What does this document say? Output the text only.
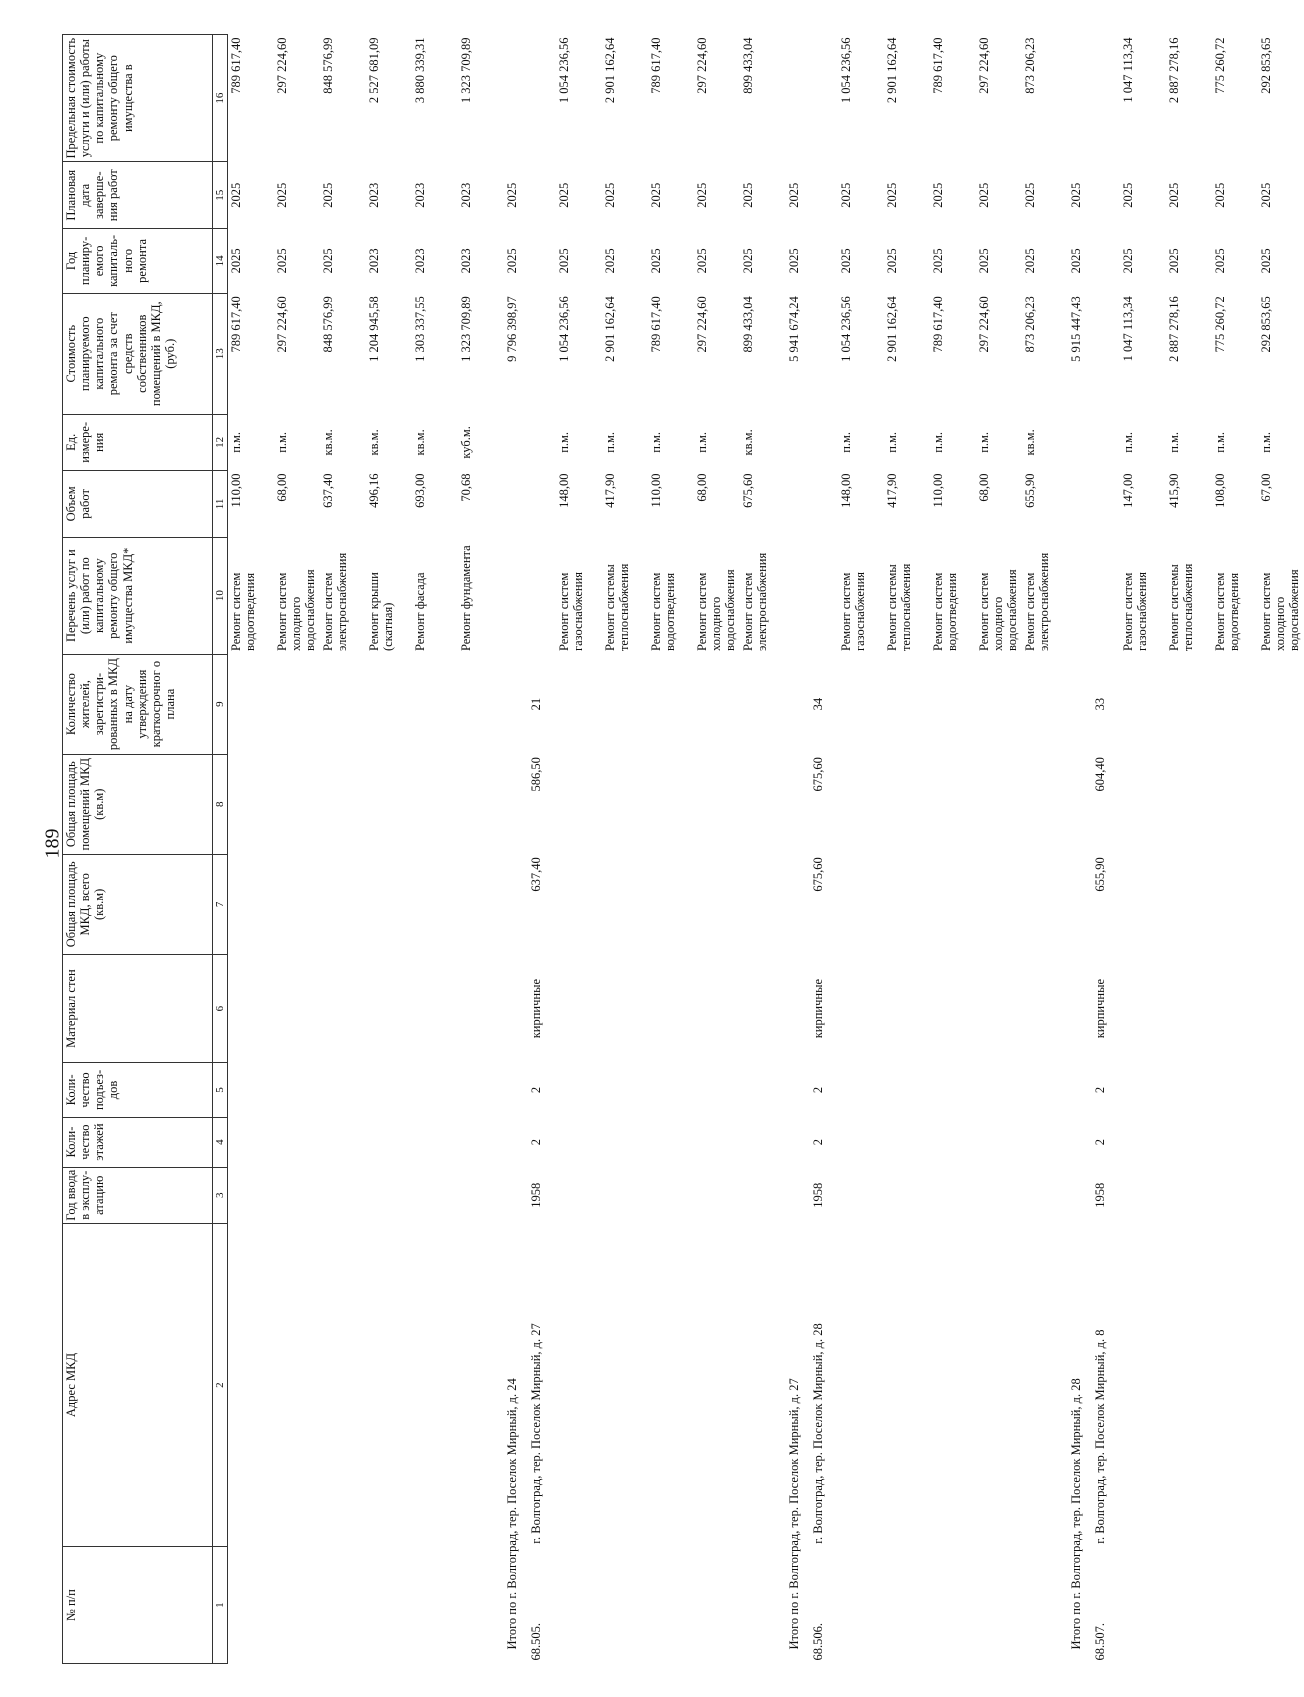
189
№ п/п	Адрес МКД	Год ввода в эксплу-атацию	Коли-чество этажей	Коли-чество подъез-дов	Материал стен	Общая площадь МКД, всего (кв.м)	Общая площадь помещений МКД (кв.м)	Количество жителей, зарегистри-рованных в МКД на дату утверждения краткосрочног о плана	Перечень услуг и (или) работ по капитальному ремонту общего имущества МКД*	Объем работ	Ед. измере-ния	Стоимость планируемого капитального ремонта за счет средств собственников помещений в МКД, (руб.)	Год планиру-емого капиталь-ного ремонта	Плановая дата заверше-ния работ	Предельная стоимость услуги и (или) работы по капитальному ремонту общего имущества в
1	2	3	4	5	6	7	8	9	10	11	12	13	14	15	16
									Ремонт систем водоотведения	110,00	п.м.	789 617,40	2025	2025	789 617,40
									Ремонт систем холодного водоснабжения	68,00	п.м.	297 224,60	2025	2025	297 224,60
									Ремонт систем электроснабжения	637,40	кв.м.	848 576,99	2025	2025	848 576,99
									Ремонт крыши (скатная)	496,16	кв.м.	1 204 945,58	2023	2023	2 527 681,09
									Ремонт фасада	693,00	кв.м.	1 303 337,55	2023	2023	3 880 339,31
									Ремонт фундамента	70,68	куб.м.	1 323 709,89	2023	2023	1 323 709,89
Итого по г. Волгоград, тер. Поселок Мирный, д. 24												9 796 398,97	2025	2025	
68.505.	г. Волгоград, тер. Поселок Мирный, д. 27	1958	2	2	кирпичные	637,40	586,50	21							
									Ремонт систем газоснабжения	148,00	п.м.	1 054 236,56	2025	2025	1 054 236,56
									Ремонт системы теплоснабжения	417,90	п.м.	2 901 162,64	2025	2025	2 901 162,64
									Ремонт систем водоотведения	110,00	п.м.	789 617,40	2025	2025	789 617,40
									Ремонт систем холодного водоснабжения	68,00	п.м.	297 224,60	2025	2025	297 224,60
									Ремонт систем электроснабжения	675,60	кв.м.	899 433,04	2025	2025	899 433,04
Итого по г. Волгоград, тер. Поселок Мирный, д. 27												5 941 674,24	2025	2025	
68.506.	г. Волгоград, тер. Поселок Мирный, д. 28	1958	2	2	кирпичные	675,60	675,60	34							
									Ремонт систем газоснабжения	148,00	п.м.	1 054 236,56	2025	2025	1 054 236,56
									Ремонт системы теплоснабжения	417,90	п.м.	2 901 162,64	2025	2025	2 901 162,64
									Ремонт систем водоотведения	110,00	п.м.	789 617,40	2025	2025	789 617,40
									Ремонт систем холодного водоснабжения	68,00	п.м.	297 224,60	2025	2025	297 224,60
									Ремонт систем электроснабжения	655,90	кв.м.	873 206,23	2025	2025	873 206,23
Итого по г. Волгоград, тер. Поселок Мирный, д. 28												5 915 447,43	2025	2025	
68.507.	г. Волгоград, тер. Поселок Мирный, д. 8	1958	2	2	кирпичные	655,90	604,40	33							
									Ремонт систем газоснабжения	147,00	п.м.	1 047 113,34	2025	2025	1 047 113,34
									Ремонт системы теплоснабжения	415,90	п.м.	2 887 278,16	2025	2025	2 887 278,16
									Ремонт систем водоотведения	108,00	п.м.	775 260,72	2025	2025	775 260,72
									Ремонт систем холодного водоснабжения	67,00	п.м.	292 853,65	2025	2025	292 853,65
